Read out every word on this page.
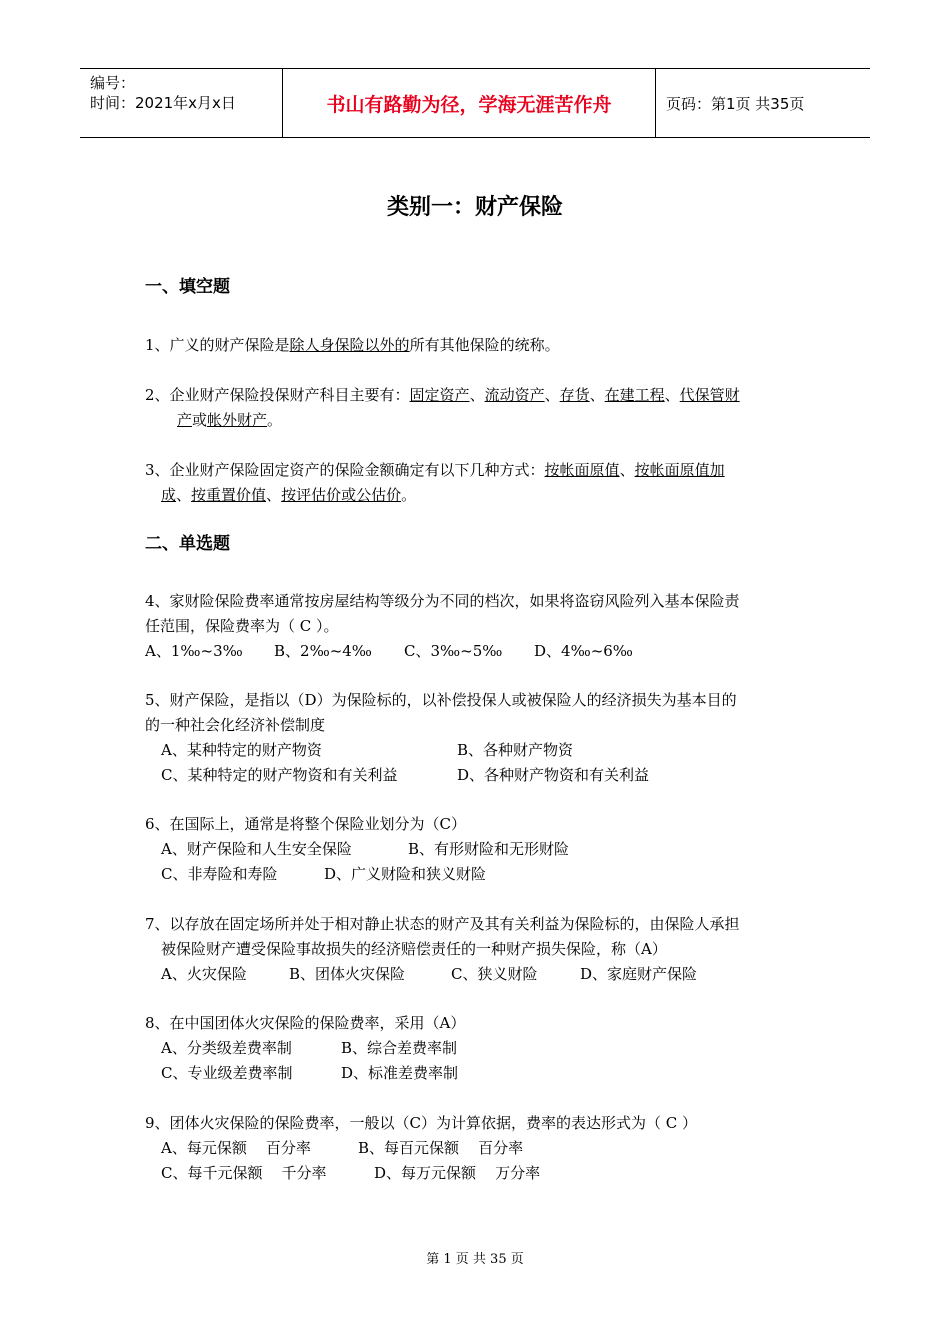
编号：
时间：2021年x月x日	书山有路勤为径，学海无涯苦作舟	页码：第1页 共35页
类别一：财产保险
一、填空题
1、广义的财产保险是除人身保险以外的所有其他保险的统称。
2、企业财产保险投保财产科目主要有：固定资产、流动资产、存货、在建工程、代保管财
产或帐外财产。
3、企业财产保险固定资产的保险金额确定有以下几种方式：按帐面原值、按帐面原值加
成、按重置价值、按评估价或公估价。
二、单选题
4、家财险保险费率通常按房屋结构等级分为不同的档次，如果将盗窃风险列入基本保险责
任范围，保险费率为（ C ）。
A、1‰~3‰ B、2‰~4‰ C、3‰~5‰ D、4‰~6‰
5、财产保险，是指以（D）为保险标的，以补偿投保人或被保险人的经济损失为基本目的
的一种社会化经济补偿制度
A、某种特定的财产物资	B、各种财产物资
C、某种特定的财产物资和有关利益	D、各种财产物资和有关利益
6、在国际上，通常是将整个保险业划分为（C）
A、财产保险和人生安全保险	B、有形财险和无形财险
C、非寿险和寿险	D、广义财险和狭义财险
7、以存放在固定场所并处于相对静止状态的财产及其有关利益为保险标的，由保险人承担
被保险财产遭受保险事故损失的经济赔偿责任的一种财产损失保险，称（A）
A、火灾保险	B、团体火灾保险	C、狭义财险	D、家庭财产保险
8、在中国团体火灾保险的保险费率，采用（A）
A、分类级差费率制	B、综合差费率制
C、专业级差费率制	D、标准差费率制
9、团体火灾保险的保险费率，一般以（C）为计算依据，费率的表达形式为（ C ）
A、每元保额    百分率	B、每百元保额    百分率
C、每千元保额    千分率	D、每万元保额    万分率
第 1 页 共 35 页
